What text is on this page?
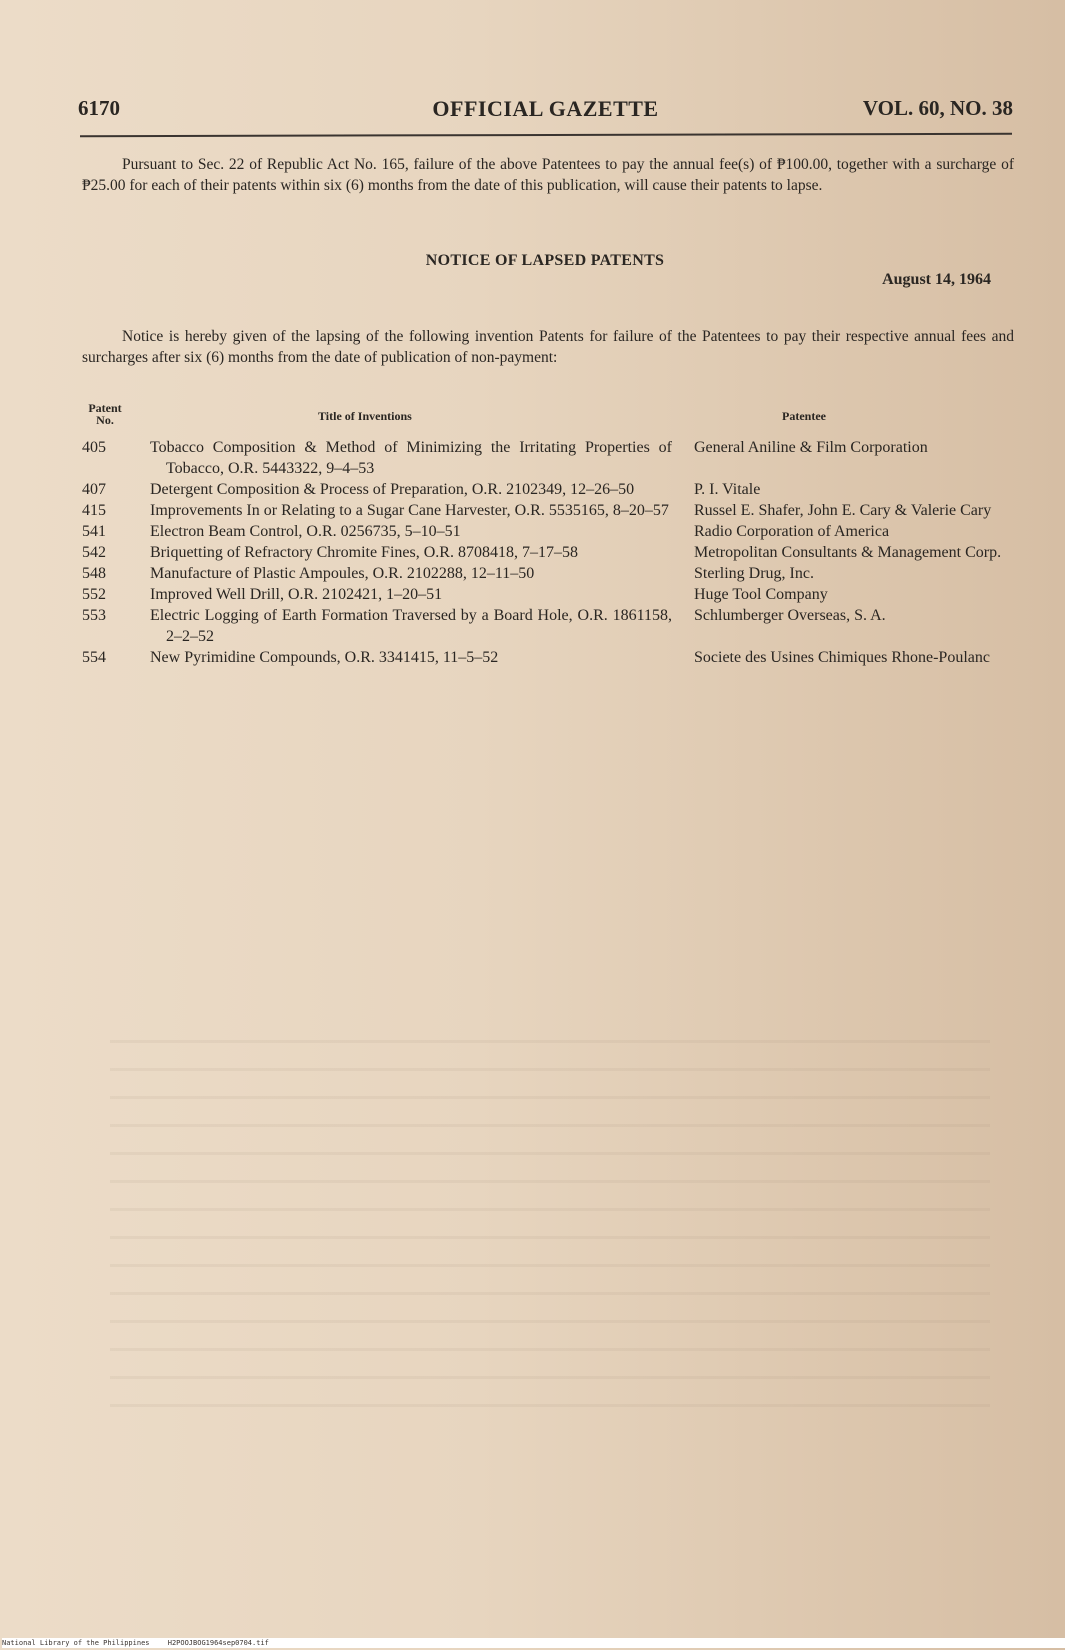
6170	OFFICIAL GAZETTE	VOL. 60, NO. 38
Pursuant to Sec. 22 of Republic Act No. 165, failure of the above Patentees to pay the annual fee(s) of ₱100.00, together with a surcharge of ₱25.00 for each of their patents within six (6) months from the date of this publication, will cause their patents to lapse.
NOTICE OF LAPSED PATENTS
August 14, 1964
Notice is hereby given of the lapsing of the following invention Patents for failure of the Patentees to pay their respective annual fees and surcharges after six (6) months from the date of publication of non-payment:
Patent
No.	Title of Inventions	Patentee
405	Tobacco Composition & Method of Minimizing the Irritating Properties of Tobacco, O.R. 5443322, 9–4–53	General Aniline & Film Corporation

407	Detergent Composition & Process of Preparation, O.R. 2102349, 12–26–50	P. I. Vitale

415	Improvements In or Relating to a Sugar Cane Harvester, O.R. 5535165, 8–20–57	Russel E. Shafer, John E. Cary & Valerie Cary

541	Electron Beam Control, O.R. 0256735, 5–10–51	Radio Corporation of America

542	Briquetting of Refractory Chromite Fines, O.R. 8708418, 7–17–58	Metropolitan Consultants & Management Corp.

548	Manufacture of Plastic Ampoules, O.R. 2102288, 12–11–50	Sterling Drug, Inc.

552	Improved Well Drill, O.R. 2102421, 1–20–51	Huge Tool Company

553	Electric Logging of Earth Formation Traversed by a Board Hole, O.R. 1861158, 2–2–52	Schlumberger Overseas, S. A.

554	New Pyrimidine Compounds, O.R. 3341415, 11–5–52	Societe des Usines Chimiques Rhone-Poulanc
National Library of the Philippines	H2POOJBOG1964sep0704.tif
